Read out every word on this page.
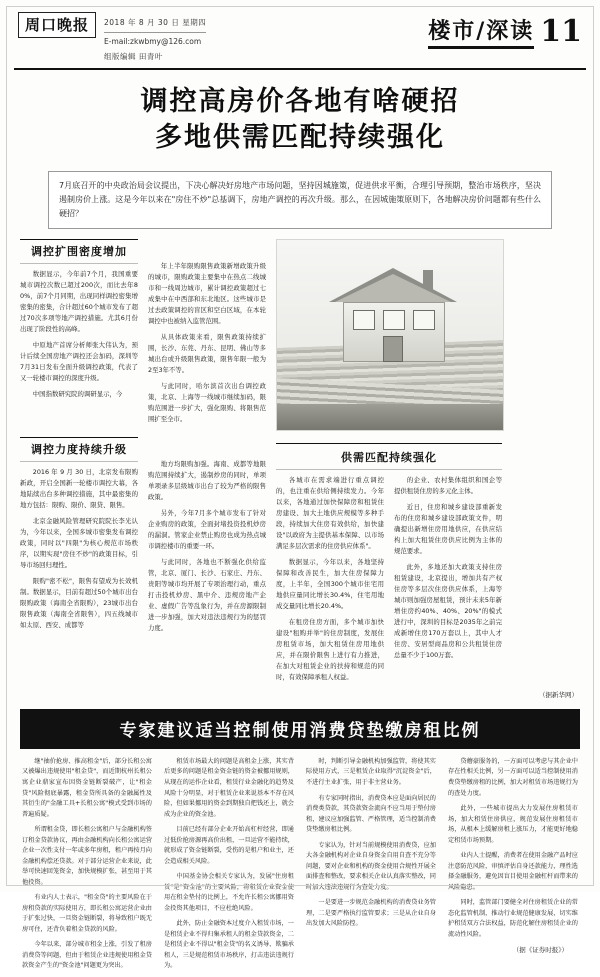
周口晚报	2018 年 8 月 30 日 星期四
E-mail:zkwbmy@126.com
组版编辑 田青叶
楼市/深读 11
调控高房价各地有啥硬招
多地供需匹配持续强化
7月底召开的中央政治局会议提出，下决心解决好房地产市场问题，坚持因城施策，促进供求平衡，合理引导预期，整治市场秩序，坚决遏制房价上涨。这是今年以来在"房住不炒"总基调下，房地产调控的再次升级。那么，在因城施策原则下，各地解决房价问题都有些什么硬招？
调控扩围密度增加

数据显示，今年前7个月，我国重要城市调控次数已超过200次，而比去年80%，前7个月同期，出现同样调控密集增密集的密集，合计超过60个城市发布了超过70次多项等地产调控措施。尤其6月份出现了阶段性的高峰。

中原地产首席分析师张大伟认为，预计后续全国房地产调控还会加码，深圳等7月31日发布全面升级调控政策，代表了又一轮楼市调控的深度升级。

中国指数研究院的调研显示，今

年上半年限购限售政策新增政策升级的城市，限购政策主要集中在热点二线城市和一线周边城市，累计调控政策超过七成集中在中西部和东北地区。这些城市是过去政策调控的盲区和空白区域，在本轮调控中也被纳入监管范围。

从具体政策来看，限售政策持续扩围，长沙、东莞、丹东、昆明、佛山等多城出台或升级限售政策，限售年限一般为2至3年不等。

与此同时，哈尔滨首次出台调控政策，北京、上海等一线城市继续加码，限购范围进一步扩大，强化限购、将限售范围扩至全市。

调控力度持续升级

2016 年 9 月 30 日，北京发布限购新政，开启全国新一轮楼市调控大幕，各地陆续出台多种调控措施，其中最密集的地方包括：限购、限价、限贷、限售。

北京金融风险管理研究院院长李光认为，今年以来，全国多城市密集发布调控政策，同时以"四限"为核心规范市场秩序，以期实现"房住不炒"的政策目标，引导市场回归理性。

限购"密不松"，限售有望成为长效机制。数据显示，目前有超过50个城市出台限购政策（海南全省限购），23城市出台限售政策（海南全省限售），四五线城市如太原、西安、成都等

地方均限购加强。海南、成都等地限购范围持续扩大，遏制炒房的同时，单项单项录多层级城市出台了较为严格的限售政策。

另外，今年7月多个城市发布了针对企业购房的政策，全面封堵投资投机炒房的漏洞。管家企业禁止购房也成为热点城市调控楼市的重要一环。

与此同时，各地也不断强化供给监管，北京、厦门、长沙、石家庄、丹东、贵阳等城市均开展了专项治理行动，重点打击投机炒房、黑中介、违规房地产企业、虚假广告等乱象行为，并在房源限制进一步加强，加大对违法违规行为的惩罚力度。

供需匹配持续强化

各城市在需求端进行重点调控的，也注重在供给侧持续发力。今年以来，各地通过加快保障房和租赁住房建设、加大土地供应规模等多种手段，持续加大住房有效供给，加快建设"以政府为主提供基本保障、以市场满足多层次需求的住房供应体系"。

数据显示，今年以来，各地坚持保障和改善民生，加大住房保障力度，上半年，全国300个城市住宅用地供应量同比增长30.4%，住宅用地成交量同比增长20.4%。

在租房住房方面，多个城市加快建设"租购并举"的住房制度，发展住房租赁市场，加大租赁住房用地供应，并在限价限售上进行有力推进，在加大对租赁企业的扶持和规范的同时，有效保障承租人权益。

的企业、农村集体组织和国企等提供租赁住房的多元化主体。

近日，住房和城乡建设部重新发布的住房和城乡建设部政策文件，明确提出新增住房用地供应，在供应结构上加大租赁住房供应比例为主体的规范要求。

此外，多地还加大政策支持住房租赁建设，北京提出，增加共有产权住房等多层次住房供应体系，上海等城市则加强房屋租赁，预计未来5年新增住房约40%、40%、20%"的模式进行中，深圳的目标是2035年之前完成新增住房170万套以上，其中人才住房、安居型商品房和公共租赁住房总量不少于100万套。

（据新华网）
专家建议适当控制使用消费贷垫缴房租比例

继"抽价抢房、推高租金"后，部分长租公寓又被爆出违规使用"租金贷"，而近期杭州长租公寓企业鼎家宣布因资金链断裂破产，让"租金贷"风险彻底暴露，租金贷所具备的金融属性及其衍生的"金融工具+长租公寓"模式受到市场的普遍质疑。

所谓租金贷，即长租公寓租户与金融机构签订租金贷款协议，再由金融机构向长租公寓运营企业一次性支付一年或多年房租，租户再按月向金融机构偿还贷款。对于部分运营企业来说，此举可快速回笼资金，加快规模扩张，甚至用于其他投资。

有业内人士表示，"租金贷"的主要风险在于房租贷款的实际使用方，即长租公寓运营企业由于扩张过快，一旦资金链断裂，将导致租户既无房可住，还背负着租金贷款的风险。

今年以来，部分城市租金上涨，引发了租房消费贷等问题，但由于租赁企业违规使用租金贷款资金产生的"资金池"问题更为突出。

租赁市场最大的问题是高租金上涨，其实背后更多的问题是租金资金链的资金被挪用规则，从现在的运作企业看，租赁行业金融化的趋势及风险十分明显，对于租赁企业来说基本不存在风险，但如果挪用的资金到期独自把钱还上，就会成为企业的资金池。

目前已经有部分企业开始高杠杆经营，即通过低价抢房源再高价出租，一旦运营不能持续，就形成了资金链断裂，受伤的是租户和业主，还会造成相关风险。

中国基金协会相关专家认为，发展"住房租赁"是"资金池"的主要风险，将租赁企业资金使用在租金垫付的比例上，不允许长租公寓挪用资金投资其他项目，不应杜绝风险。

此外，防止金融资本过度介入租赁市场，一是租赁企业不得归集承租人的租金贷款资金，二是租赁企业不得以"租金贷"的名义诱导、欺骗承租人，三是规范租赁市场秩序，打击违法违规行为。

时，判断引导金融机构加强监管，将使其实际使用方式，三是租赁企业取得"沉淀资金"后，不进行主业扩张，用于非主营业务。

有专家同时指出，消费贷本应是面向居民的消费类贷款，其贷款资金流向不应当用于垫付房租，建议应加强监管、严格管理，适当控制消费贷垫缴房租比例。

专家认为，针对当前规模使用消费贷，应加大各金融机构对企业自身资金自用自查不充分等问题，要对企业和机构的资金使用合规性开展全面排查和整改，要求相关企业认真落实整改，同时加大违法违规行为查处力度。

一是要进一步规范金融机构的消费贷业务管理，二是要严格执行监管要求；三是从企业自身出发加大风险防控。

贷蘑豪服务的，一方面可以考虑与其企业中存在性相关比例，另一方面可以适当控制使用消费贷垫缴房租的比例，加大对租赁市场违规行为的查处力度。

此外，一些城市提出大力发展住房租赁市场，加大租赁住房供应，规范发展住房租赁市场，从根本上缓解房租上涨压力，才能更好地稳定租赁市场预期。

业内人士提醒，消费者在使用金融产品时应注意防范风险，审慎评估自身还款能力，理性选择金融服务，避免因盲目使用金融杠杆而带来的风险隐患。

同时，监管部门要健全对住房租赁企业的常态化监管机制，推动行业规范健康发展，切实维护租赁双方合法权益，防范化解住房租赁企业的流动性风险。

（据《证券时报》）
